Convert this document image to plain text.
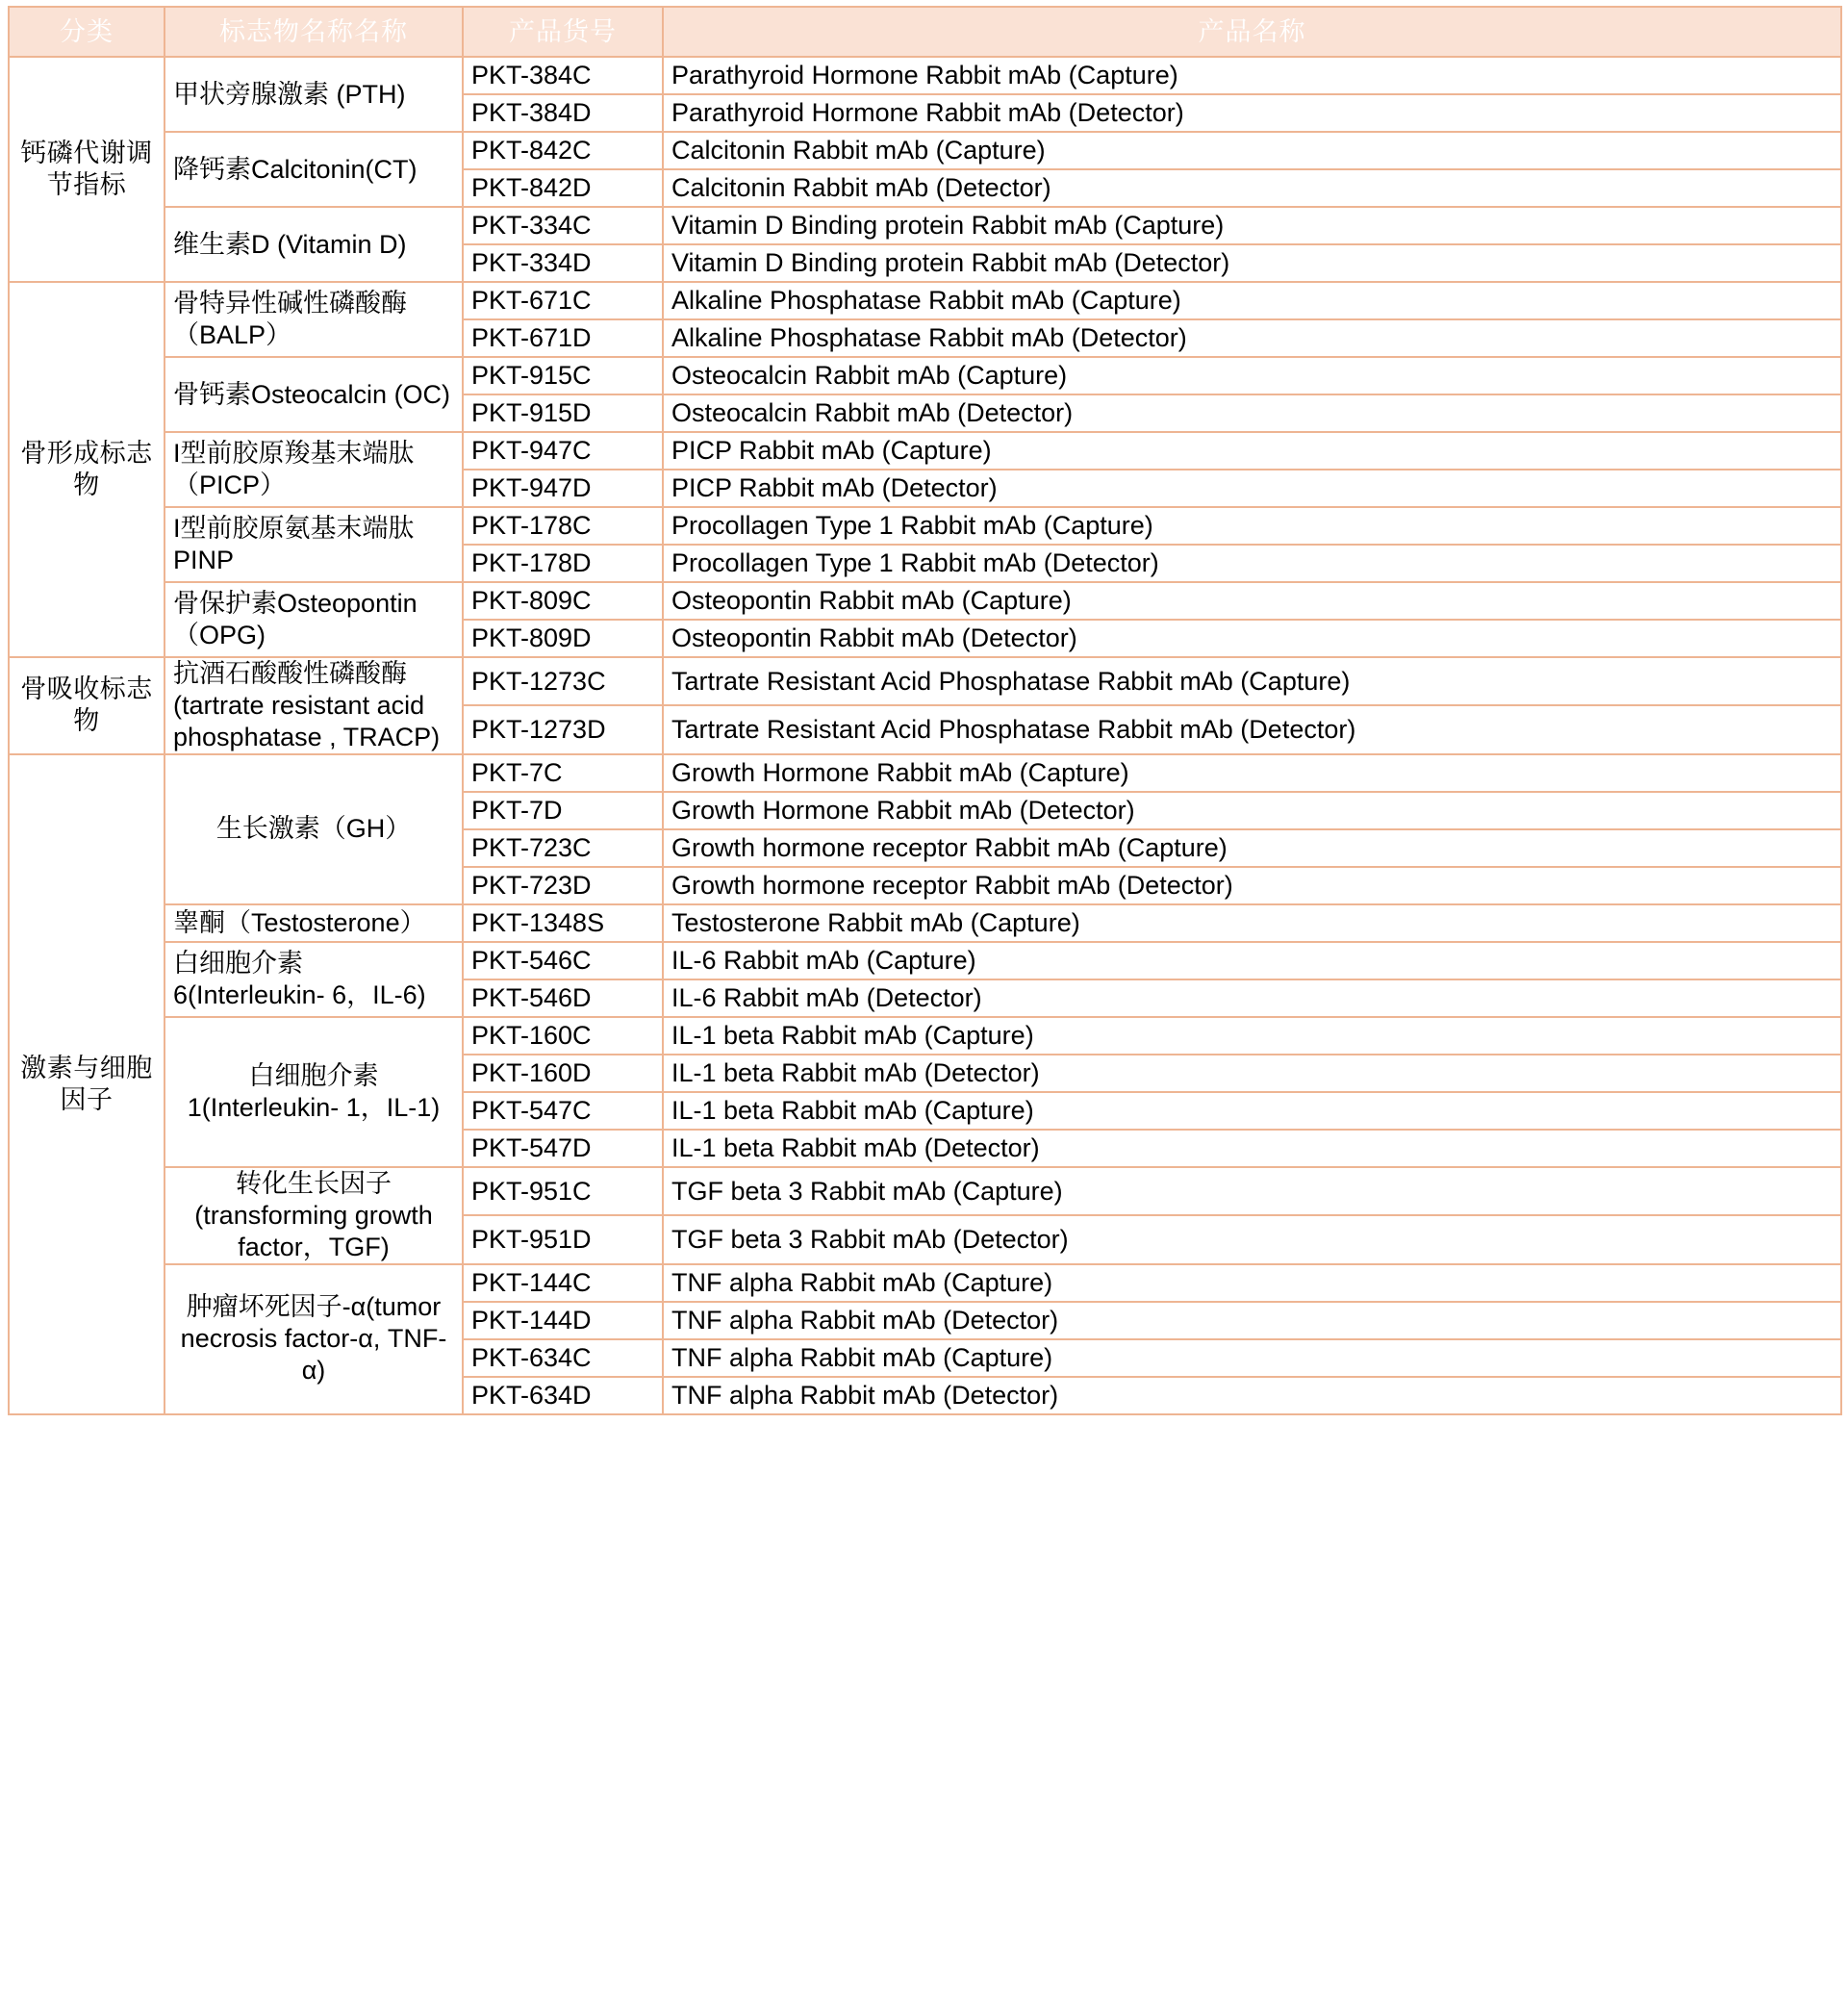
分类	标志物名称名称	产品货号	产品名称
钙磷代谢调节指标	甲状旁腺激素 (PTH)	PKT-384C	Parathyroid Hormone Rabbit mAb (Capture)
		PKT-384D	Parathyroid Hormone Rabbit mAb (Detector)
	降钙素Calcitonin(CT)	PKT-842C	Calcitonin Rabbit mAb (Capture)
		PKT-842D	Calcitonin Rabbit mAb (Detector)
	维生素D (Vitamin D)	PKT-334C	Vitamin D Binding protein Rabbit mAb (Capture)
		PKT-334D	Vitamin D Binding protein Rabbit mAb (Detector)
骨形成标志物	骨特异性碱性磷酸酶（BALP）	PKT-671C	Alkaline Phosphatase Rabbit mAb (Capture)
		PKT-671D	Alkaline Phosphatase Rabbit mAb (Detector)
	骨钙素Osteocalcin (OC)	PKT-915C	Osteocalcin Rabbit mAb (Capture)
		PKT-915D	Osteocalcin Rabbit mAb (Detector)
	I型前胶原羧基末端肽（PICP）	PKT-947C	PICP Rabbit mAb (Capture)
		PKT-947D	PICP Rabbit mAb (Detector)
	I型前胶原氨基末端肽PINP	PKT-178C	Procollagen Type 1 Rabbit mAb (Capture)
		PKT-178D	Procollagen Type 1 Rabbit mAb (Detector)
	骨保护素Osteopontin（OPG)	PKT-809C	Osteopontin Rabbit mAb (Capture)
		PKT-809D	Osteopontin Rabbit mAb (Detector)
骨吸收标志物	抗酒石酸酸性磷酸酶(tartrate resistant acid phosphatase , TRACP)	PKT-1273C	Tartrate Resistant Acid Phosphatase Rabbit mAb (Capture)
		PKT-1273D	Tartrate Resistant Acid Phosphatase Rabbit mAb (Detector)
激素与细胞因子	生长激素（GH）	PKT-7C	Growth Hormone Rabbit mAb (Capture)
		PKT-7D	Growth Hormone Rabbit mAb (Detector)
		PKT-723C	Growth hormone receptor Rabbit mAb (Capture)
		PKT-723D	Growth hormone receptor Rabbit mAb (Detector)
	睾酮（Testosterone）	PKT-1348S	Testosterone Rabbit mAb (Capture)
	白细胞介素6(Interleukin- 6，IL-6)	PKT-546C	IL-6 Rabbit mAb (Capture)
		PKT-546D	IL-6 Rabbit mAb (Detector)
	白细胞介素1(Interleukin- 1，IL-1)	PKT-160C	IL-1 beta Rabbit mAb (Capture)
		PKT-160D	IL-1 beta Rabbit mAb (Detector)
		PKT-547C	IL-1 beta Rabbit mAb (Capture)
		PKT-547D	IL-1 beta Rabbit mAb (Detector)
	转化生长因子(transforming growth factor，TGF)	PKT-951C	TGF beta 3 Rabbit mAb (Capture)
		PKT-951D	TGF beta 3 Rabbit mAb (Detector)
	肿瘤坏死因子-α(tumor necrosis factor-α, TNF-α)	PKT-144C	TNF alpha Rabbit mAb (Capture)
		PKT-144D	TNF alpha Rabbit mAb (Detector)
		PKT-634C	TNF alpha Rabbit mAb (Capture)
		PKT-634D	TNF alpha Rabbit mAb (Detector)
